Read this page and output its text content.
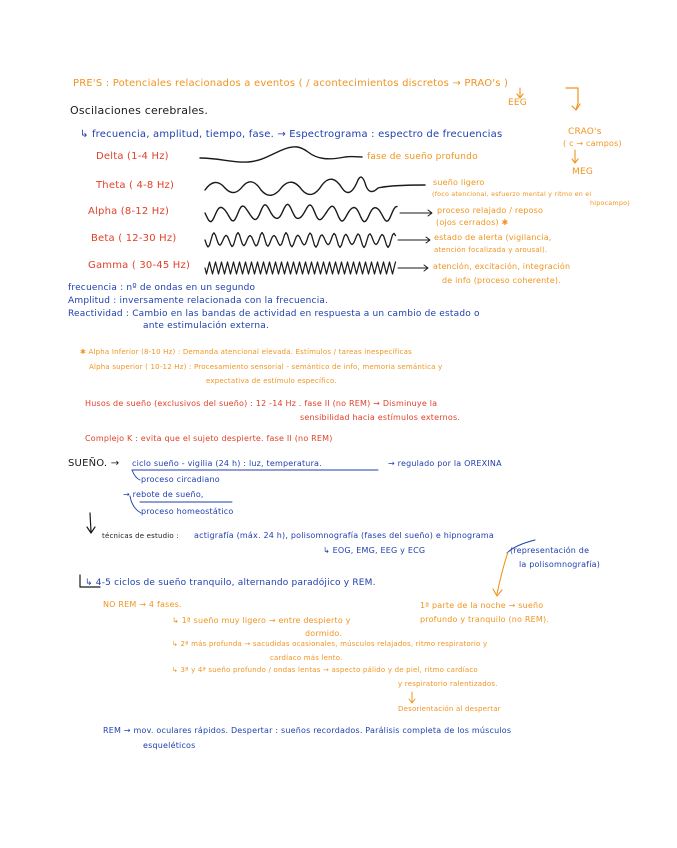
PRE'S : Potenciales relacionados a eventos ( / acontecimientos discretos → PRAO's )
EEG
CRAO's
( c → campos)
MEG
Oscilaciones cerebrales.
↳ frecuencia, amplitud, tiempo, fase. → Espectrograma : espectro de frecuencias
Delta (1-4 Hz)	fase de sueño profundo
Theta ( 4-8 Hz)	sueño ligero
(foco atencional, esfuerzo mental y ritmo en el
hipocampo)
Alpha (8-12 Hz)	proceso relajado / reposo
(ojos cerrados) ✱
Beta ( 12-30 Hz)	estado de alerta (vigilancia,
atención focalizada y arousal).
Gamma ( 30-45 Hz)	atención, excitación, integración
de info (proceso coherente).
frecuencia : nº de ondas en un segundo
Amplitud : inversamente relacionada con la frecuencia.
Reactividad : Cambio en las bandas de actividad en respuesta a un cambio de estado o
ante estimulación externa.
✱ Alpha Inferior (8-10 Hz) : Demanda atencional elevada. Estímulos / tareas inespecíficas
Alpha superior ( 10-12 Hz) : Procesamiento sensorial - semántico de info, memoria semántica y
expectativa de estímulo específico.
Husos de sueño (exclusivos del sueño) : 12 -14 Hz . fase II (no REM) → Disminuye la
sensibilidad hacia estímulos externos.
Complejo K : evita que el sujeto despierte. fase II (no REM)
SUEÑO. → ciclo sueño - vigilia (24 h) : luz, temperatura.	→ regulado por la OREXINA
proceso circadiano
→ rebote de sueño,
proceso homeostático
técnicas de estudio : actigrafía (máx. 24 h), polisomnografía (fases del sueño) e hipnograma
↳ EOG, EMG, EEG y ECG	(representación de
la polisomnografía)
↳ 4-5 ciclos de sueño tranquilo, alternando paradójico y REM.
NO REM → 4 fases.
↳ 1ª sueño muy ligero → entre despierto y
dormido.
↳ 2ª más profunda → sacudidas ocasionales, músculos relajados, ritmo respiratorio y
cardíaco más lento.
↳ 3ª y 4ª sueño profundo / ondas lentas → aspecto pálido y de piel, ritmo cardíaco
y respiratorio ralentizados.
Desorientación al despertar
1ª parte de la noche → sueño
profundo y tranquilo (no REM).
REM → mov. oculares rápidos. Despertar : sueños recordados. Parálisis completa de los músculos
esqueléticos
